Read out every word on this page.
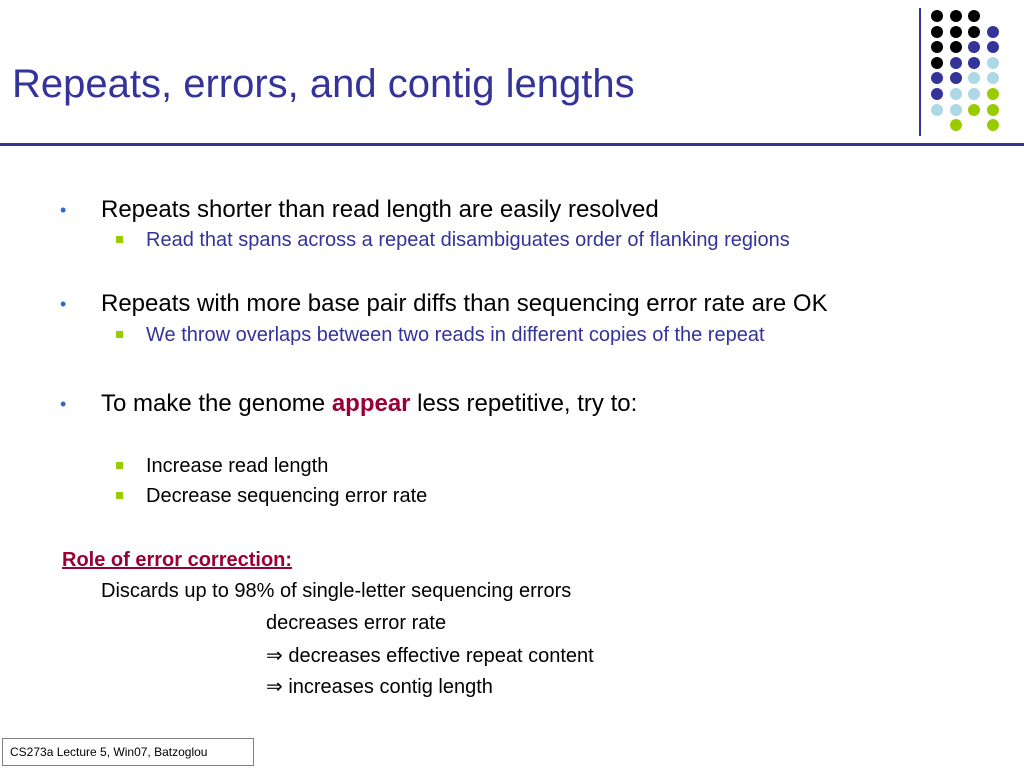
Repeats, errors, and contig lengths
• Repeats shorter than read length are easily resolved
Read that spans across a repeat disambiguates order of flanking regions
• Repeats with more base pair diffs than sequencing error rate are OK
We throw overlaps between two reads in different copies of the repeat
• To make the genome appear less repetitive, try to:
Increase read length
Decrease sequencing error rate
Role of error correction:
Discards up to 98% of single-letter sequencing errors
decreases error rate
⇒ decreases effective repeat content
⇒ increases contig length
CS273a Lecture 5, Win07, Batzoglou
